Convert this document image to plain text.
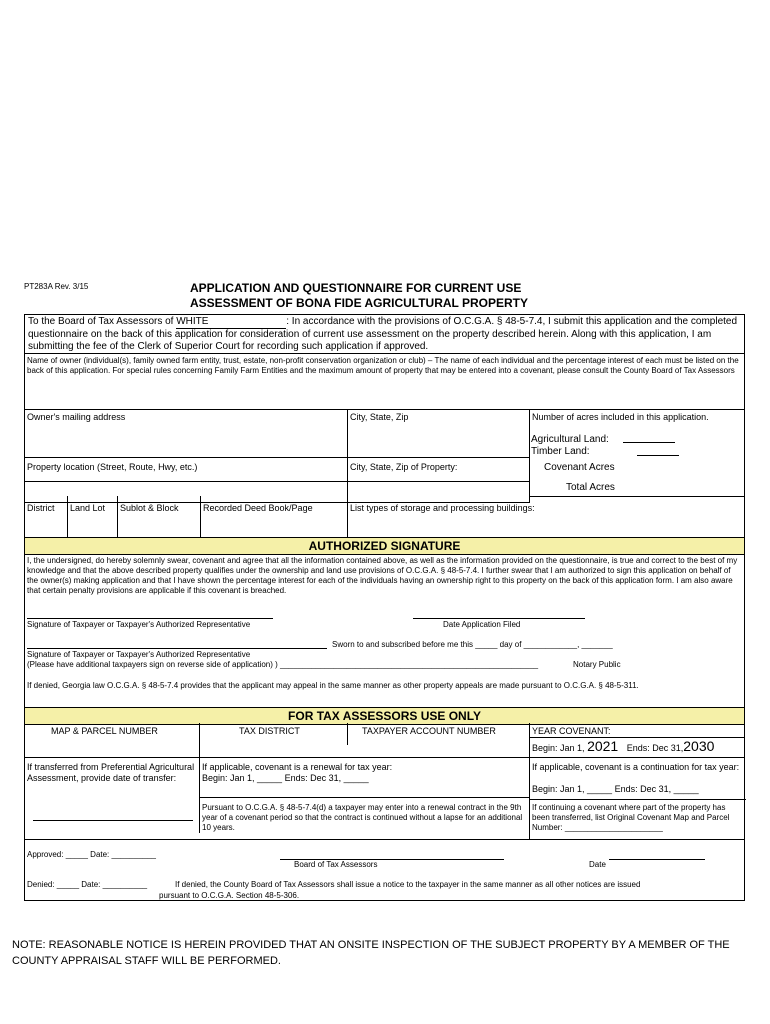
PT283A Rev. 3/15	APPLICATION AND QUESTIONNAIRE FOR CURRENT USE
ASSESSMENT OF BONA FIDE AGRICULTURAL PROPERTY
To the Board of Tax Assessors of WHITE	: In accordance with the provisions of O.C.G.A. § 48-5-7.4, I submit this application and the completed
questionnaire on the back of this application for consideration of current use assessment on the property described herein. Along with this application, I am
submitting the fee of the Clerk of Superior Court for recording such application if approved.
Name of owner (individual(s), family owned farm entity, trust, estate, non-profit conservation organization or club) – The name of each individual and the percentage interest of each must be listed on the back of this application. For special rules concerning Family Farm Entities and the maximum amount of property that may be entered into a covenant, please consult the County Board of Tax Assessors
Owner's mailing address	City, State, Zip	Number of acres included in this application.
Agricultural Land:
Timber Land:
Property location (Street, Route, Hwy, etc.)	City, State, Zip of Property:	Covenant Acres
Total Acres
District Land Lot Sublot & Block	Recorded Deed Book/Page	List types of storage and processing buildings:
AUTHORIZED SIGNATURE
I, the undersigned, do hereby solemnly swear, covenant and agree that all the information contained above, as well as the information provided on the questionnaire, is true and correct to the best of my knowledge and that the above described property qualifies under the ownership and land use provisions of O.C.G.A. § 48-5-7.4. I further swear that I am authorized to sign this application on behalf of the owner(s) making application and that I have shown the percentage interest for each of the individuals having an ownership right to this property on the back of this application form. I am also aware that certain penalty provisions are applicable if this covenant is breached.
Signature of Taxpayer or Taxpayer's Authorized Representative	Date Application Filed
Sworn to and subscribed before me this _____ day of ____________, _______
Signature of Taxpayer or Taxpayer's Authorized Representative
(Please have additional taxpayers sign on reverse side of application) ) __________________________________________________________	Notary Public
If denied, Georgia law O.C.G.A. § 48-5-7.4 provides that the applicant may appeal in the same manner as other property appeals are made pursuant to O.C.G.A. § 48-5-311.
FOR TAX ASSESSORS USE ONLY
MAP & PARCEL NUMBER	TAX DISTRICT	TAXPAYER ACCOUNT NUMBER	YEAR COVENANT:
Begin: Jan 1, 2021 Ends: Dec 31,2030
If transferred from Preferential Agricultural Assessment, provide date of transfer:
If applicable, covenant is a renewal for tax year:
Begin: Jan 1, _____ Ends: Dec 31, _____
If applicable, covenant is a continuation for tax year:
Begin: Jan 1, _____ Ends: Dec 31, _____
Pursuant to O.C.G.A. § 48-5-7.4(d) a taxpayer may enter into a renewal contract in the 9th year of a covenant period so that the contract is continued without a lapse for an additional 10 years.
If continuing a covenant where part of the property has been transferred, list Original Covenant Map and Parcel Number: ______________________
Approved: _____ Date: __________
Board of Tax Assessors	Date
Denied: _____ Date: __________	If denied, the County Board of Tax Assessors shall issue a notice to the taxpayer in the same manner as all other notices are issued
pursuant to O.C.G.A. Section 48-5-306.
NOTE: REASONABLE NOTICE IS HEREIN PROVIDED THAT AN ONSITE INSPECTION OF THE SUBJECT PROPERTY BY A MEMBER OF THE COUNTY APPRAISAL STAFF WILL BE PERFORMED.
